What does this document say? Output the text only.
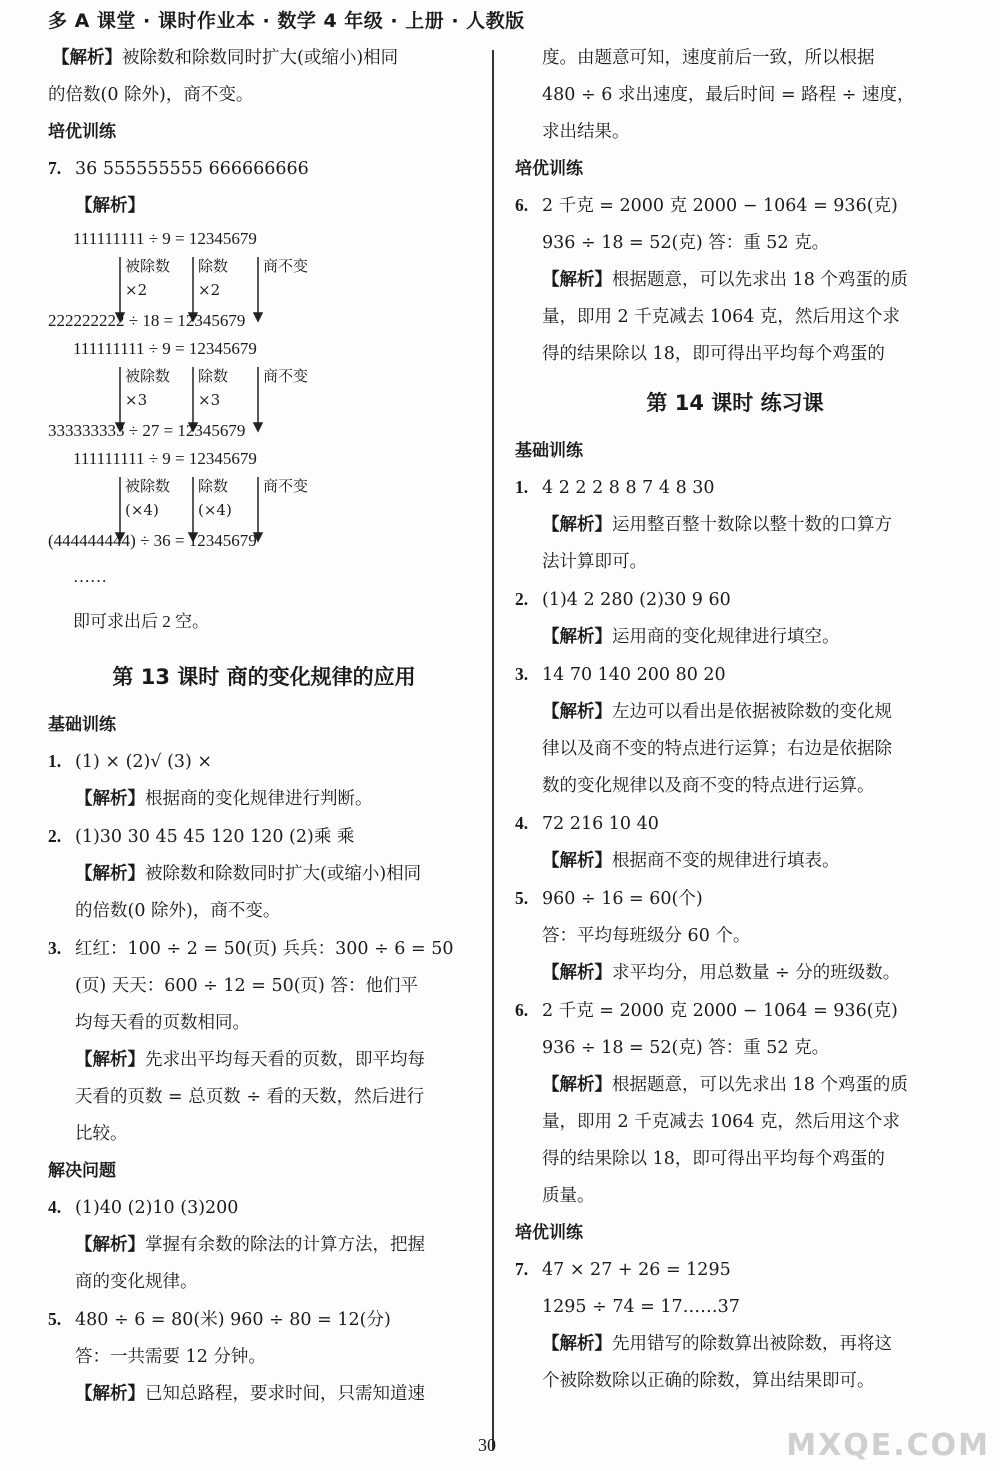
多 A 课堂 · 课时作业本 · 数学 4 年级 · 上册 · 人教版
【解析】被除数和除数同时扩大(或缩小)相同
的倍数(0 除外)，商不变。
培优训练
7. 36 555555555 666666666
【解析】
111111111 ÷ 9 = 12345679
被除数 除数 商不变
×2	×2
222222222 ÷ 18 = 12345679
111111111 ÷ 9 = 12345679
被除数 除数 商不变
×3	×3
333333333 ÷ 27 = 12345679
111111111 ÷ 9 = 12345679
被除数 除数 商不变
(×4)	(×4)
(444444444) ÷ 36 = 12345679
……
即可求出后 2 空。
第 13 课时 商的变化规律的应用
基础训练
1. (1) × (2)√ (3) ×
【解析】根据商的变化规律进行判断。
2. (1)30 30 45 45 120 120 (2)乘 乘
【解析】被除数和除数同时扩大(或缩小)相同
的倍数(0 除外)，商不变。
3. 红红：100 ÷ 2 = 50(页) 兵兵：300 ÷ 6 = 50
(页) 天天：600 ÷ 12 = 50(页) 答：他们平
均每天看的页数相同。
【解析】先求出平均每天看的页数，即平均每
天看的页数 = 总页数 ÷ 看的天数，然后进行
比较。
解决问题
4. (1)40 (2)10 (3)200
【解析】掌握有余数的除法的计算方法，把握
商的变化规律。
5. 480 ÷ 6 = 80(米) 960 ÷ 80 = 12(分)
答：一共需要 12 分钟。
【解析】已知总路程，要求时间，只需知道速
度。由题意可知，速度前后一致，所以根据
480 ÷ 6 求出速度，最后时间 = 路程 ÷ 速度，
求出结果。
培优训练
6. 2 千克 = 2000 克 2000 − 1064 = 936(克)
936 ÷ 18 = 52(克) 答：重 52 克。
【解析】根据题意，可以先求出 18 个鸡蛋的质
量，即用 2 千克减去 1064 克，然后用这个求
得的结果除以 18，即可得出平均每个鸡蛋的
第 14 课时 练习课
基础训练
1. 4 2 2 2 8 8 7 4 8 30
【解析】运用整百整十数除以整十数的口算方
法计算即可。
2. (1)4 2 280 (2)30 9 60
【解析】运用商的变化规律进行填空。
3. 14 70 140 200 80 20
【解析】左边可以看出是依据被除数的变化规
律以及商不变的特点进行运算；右边是依据除
数的变化规律以及商不变的特点进行运算。
4. 72 216 10 40
【解析】根据商不变的规律进行填表。
5. 960 ÷ 16 = 60(个)
答：平均每班级分 60 个。
【解析】求平均分，用总数量 ÷ 分的班级数。
6. 2 千克 = 2000 克 2000 − 1064 = 936(克)
936 ÷ 18 = 52(克) 答：重 52 克。
【解析】根据题意，可以先求出 18 个鸡蛋的质
量，即用 2 千克减去 1064 克，然后用这个求
得的结果除以 18，即可得出平均每个鸡蛋的
质量。
培优训练
7. 47 × 27 + 26 = 1295
1295 ÷ 74 = 17……37
【解析】先用错写的除数算出被除数，再将这
个被除数除以正确的除数，算出结果即可。
30	MXQE.COM
